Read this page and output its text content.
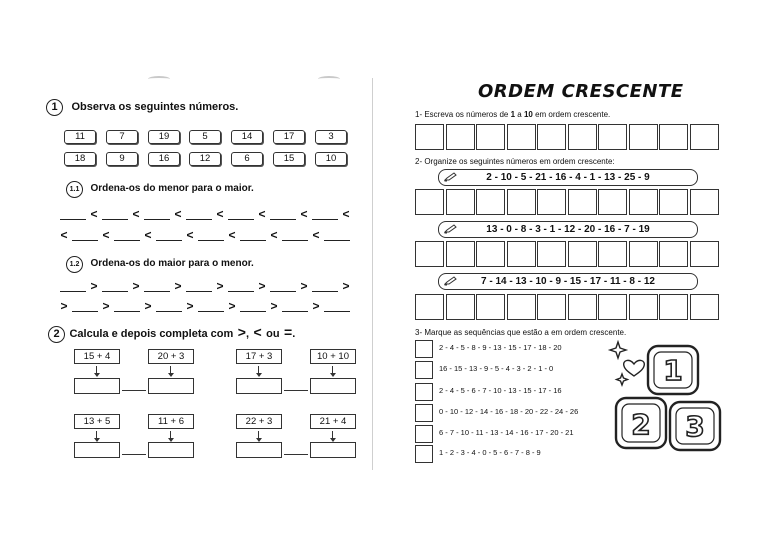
1 Observa os seguintes números.
11	7	19	5	14	17	3
18	9	16	12	6	15	10
1.1 Ordena-os do menor para o maior.
<	<	<	<	<	<	<
<	<	<	<	<	<	<
1.2 Ordena-os do maior para o menor.
>	>	>	>	>	>	>
>	>	>	>	>	>	>
2 Calcula e depois completa com >, < ou =.
15 + 4	20 + 3	17 + 3	10 + 10
13 + 5	11 + 6	22 + 3	21 + 4
ORDEM CRESCENTE
1- Escreva os números de 1 a 10 em ordem crescente.
2- Organize os seguintes números em ordem crescente:
2 - 10 - 5 - 21 - 16 - 4 - 1 - 13 - 25 - 9
13 - 0 - 8 - 3 - 1 - 12 - 20 - 16 - 7 - 19
7 - 14 - 13 - 10 - 9 - 15 - 17 - 11 - 8 - 12
3- Marque as sequências que estão a em ordem crescente.
2 - 4 - 5 - 8 - 9 - 13 - 15 - 17 - 18 - 20
16 - 15 - 13 - 9 - 5 - 4 - 3 - 2 - 1 - 0
2 - 4 - 5 - 6 - 7 - 10 - 13 - 15 - 17 - 16
0 - 10 - 12 - 14 - 16 - 18 - 20 - 22 - 24 - 26
6 - 7 - 10 - 11 - 13 - 14 - 16 - 17 - 20 - 21
1 - 2 - 3 - 4 - 0 - 5 - 6 - 7 - 8 - 9
1
2 3
